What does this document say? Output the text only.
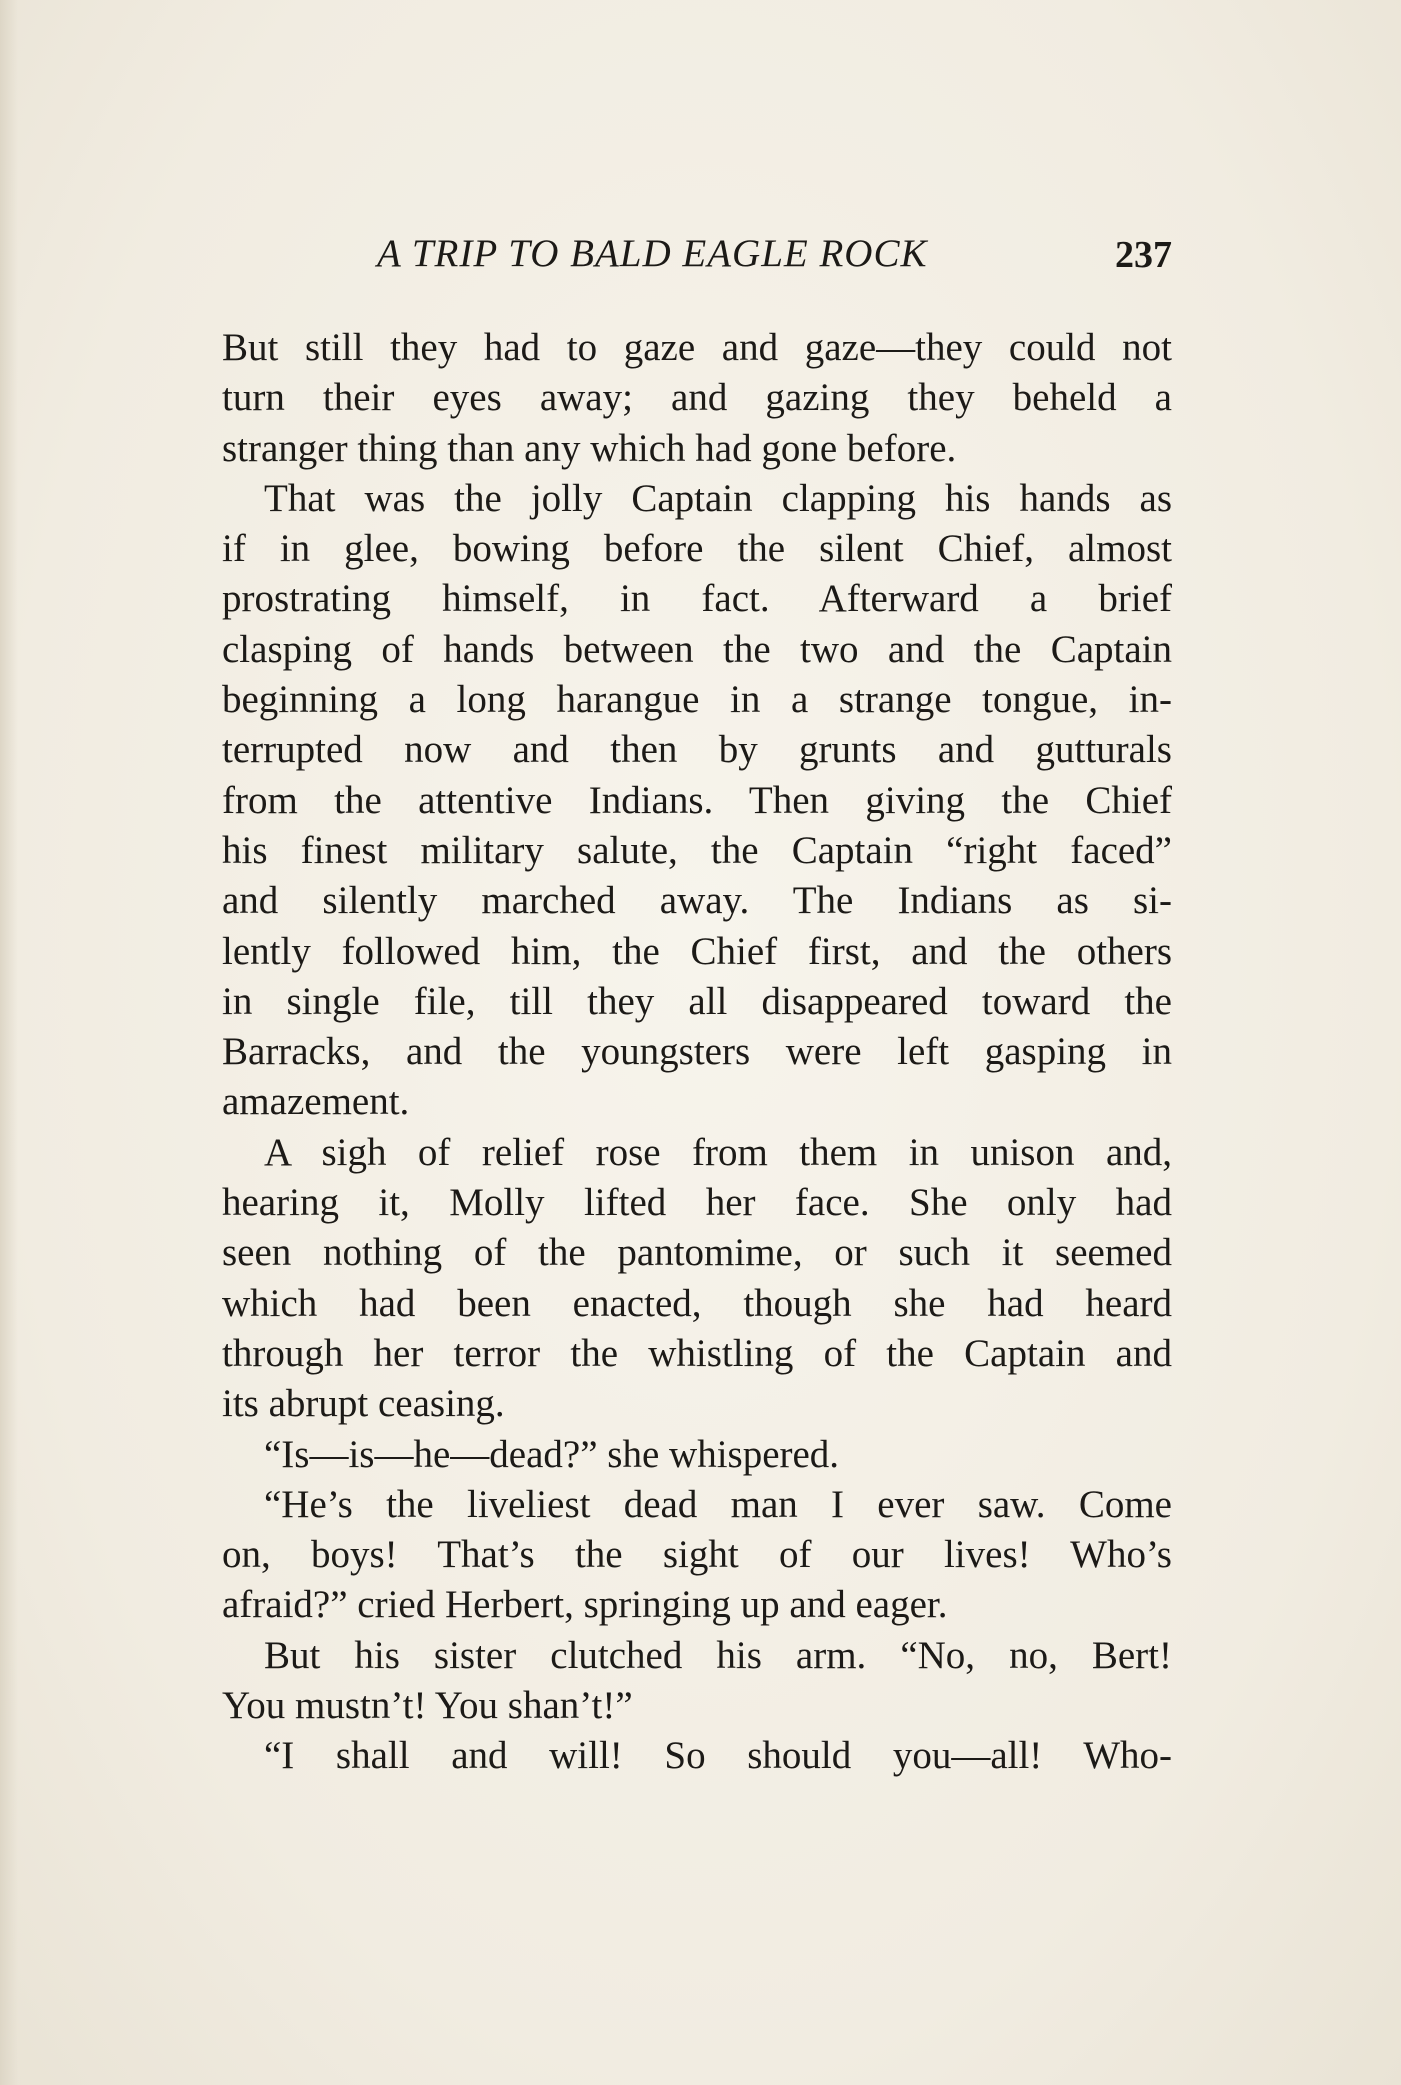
A TRIP TO BALD EAGLE ROCK	237

But still they had to gaze and gaze—they could not
turn their eyes away; and gazing they beheld a
stranger thing than any which had gone before.

That was the jolly Captain clapping his hands as
if in glee, bowing before the silent Chief, almost
prostrating himself, in fact. Afterward a brief
clasping of hands between the two and the Captain
beginning a long harangue in a strange tongue, in-
terrupted now and then by grunts and gutturals
from the attentive Indians. Then giving the Chief
his finest military salute, the Captain “right faced”
and silently marched away. The Indians as si-
lently followed him, the Chief first, and the others
in single file, till they all disappeared toward the
Barracks, and the youngsters were left gasping in
amazement.

A sigh of relief rose from them in unison and,
hearing it, Molly lifted her face. She only had
seen nothing of the pantomime, or such it seemed
which had been enacted, though she had heard
through her terror the whistling of the Captain and
its abrupt ceasing.

“Is—is—he—dead?” she whispered.

“He’s the liveliest dead man I ever saw. Come
on, boys! That’s the sight of our lives! Who’s
afraid?” cried Herbert, springing up and eager.

But his sister clutched his arm. “No, no, Bert!
You mustn’t! You shan’t!”

“I shall and will! So should you—all! Who-
